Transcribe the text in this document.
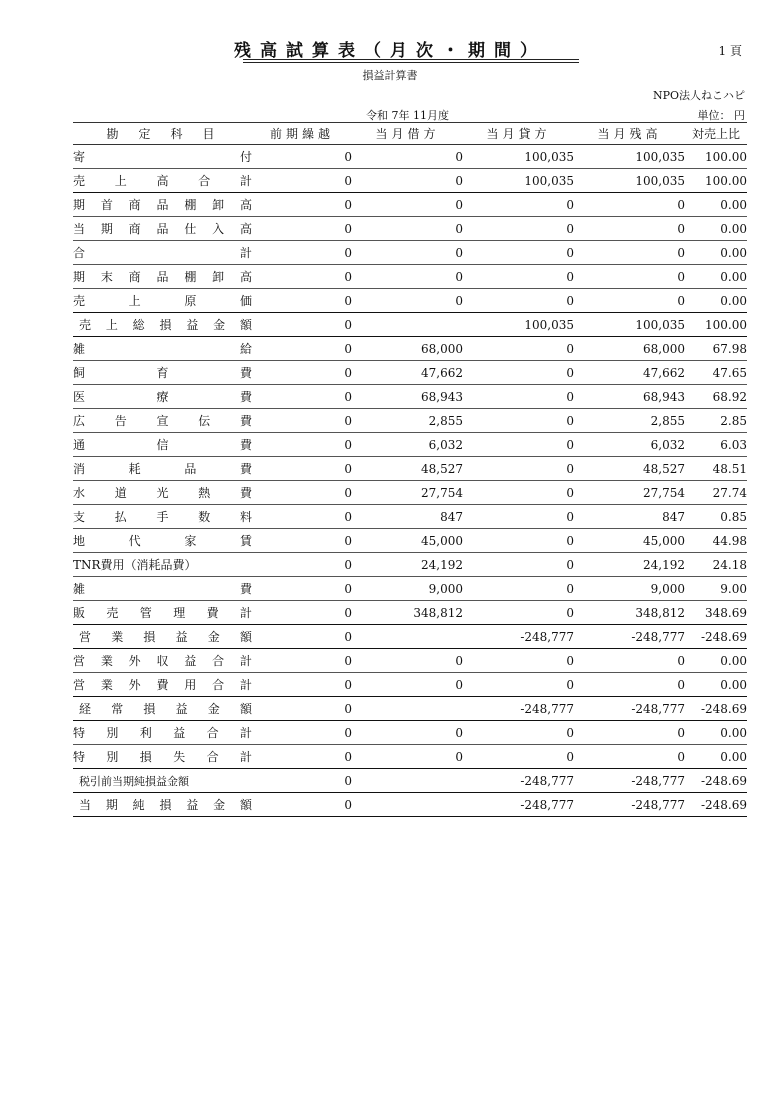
残高試算表（月次・期間）	1 頁
損益計算書
NPO法人ねこハピ
令和 7年 11月度	単位： 円
勘　定　科　目	前期繰越	当月借方	当月貸方	当月残高	対売上比
寄付	0	0	100,035	100,035	100.00
売上高合計	0	0	100,035	100,035	100.00
期首商品棚卸高	0	0	0	0	0.00
当期商品仕入高	0	0	0	0	0.00
合計	0	0	0	0	0.00
期末商品棚卸高	0	0	0	0	0.00
売上原価	0	0	0	0	0.00
売上総損益金額	0		100,035	100,035	100.00
雑給	0	68,000	0	68,000	67.98
飼育費	0	47,662	0	47,662	47.65
医療費	0	68,943	0	68,943	68.92
広告宣伝費	0	2,855	0	2,855	2.85
通信費	0	6,032	0	6,032	6.03
消耗品費	0	48,527	0	48,527	48.51
水道光熱費	0	27,754	0	27,754	27.74
支払手数料	0	847	0	847	0.85
地代家賃	0	45,000	0	45,000	44.98
TNR費用（消耗品費）	0	24,192	0	24,192	24.18
雑費	0	9,000	0	9,000	9.00
販売管理費計	0	348,812	0	348,812	348.69
営業損益金額	0		-248,777	-248,777	-248.69
営業外収益合計	0	0	0	0	0.00
営業外費用合計	0	0	0	0	0.00
経常損益金額	0		-248,777	-248,777	-248.69
特別利益合計	0	0	0	0	0.00
特別損失合計	0	0	0	0	0.00
税引前当期純損益金額	0		-248,777	-248,777	-248.69
当期純損益金額	0		-248,777	-248,777	-248.69
